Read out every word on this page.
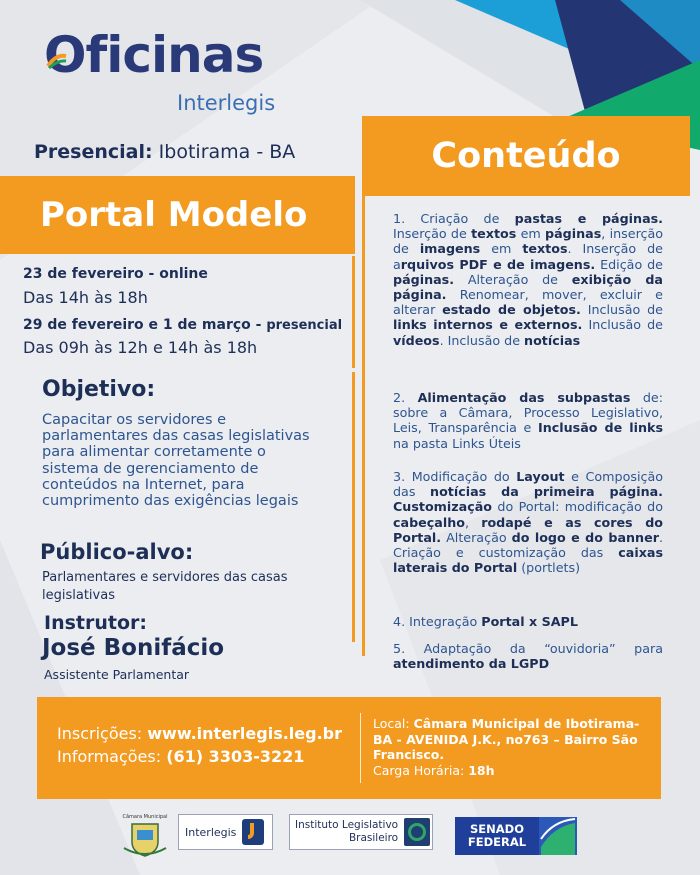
Oficinas
Interlegis
Presencial: Ibotirama - BA
Portal Modelo
Conteúdo
23 de fevereiro - online
Das 14h às 18h
29 de fevereiro e 1 de março - presencial
Das 09h às 12h e 14h às 18h
Objetivo:
Capacitar os servidores e parlamentares das casas legislativas para alimentar corretamente o sistema de gerenciamento de conteúdos na Internet, para cumprimento das exigências legais
Público-alvo:
Parlamentares e servidores das casas legislativas
Instrutor:
José Bonifácio
Assistente Parlamentar
1. Criação de pastas e páginas. Inserção de textos em páginas, inserção de imagens em textos. Inserção de arquivos PDF e de imagens. Edição de páginas. Alteração de exibição da página. Renomear, mover, excluir e alterar estado de objetos. Inclusão de links internos e externos. Inclusão de vídeos. Inclusão de notícias
2. Alimentação das subpastas de: sobre a Câmara, Processo Legislativo, Leis, Transparência e Inclusão de links na pasta Links Úteis
3. Modificação do Layout e Composição das notícias da primeira página. Customização do Portal: modificação do cabeçalho, rodapé e as cores do Portal. Alteração do logo e do banner. Criação e customização das caixas laterais do Portal (portlets)
4. Integração Portal x SAPL
5. Adaptação da “ouvidoria” para atendimento da LGPD
Inscrições: www.interlegis.leg.br
Informações: (61) 3303-3221
Local: Câmara Municipal de Ibotirama-BA - AVENIDA J.K., no763 – Bairro São Francisco.
Carga Horária: 18h
Câmara Municipal
Interlegis
Instituto Legislativo
Brasileiro
SENADO
FEDERAL
